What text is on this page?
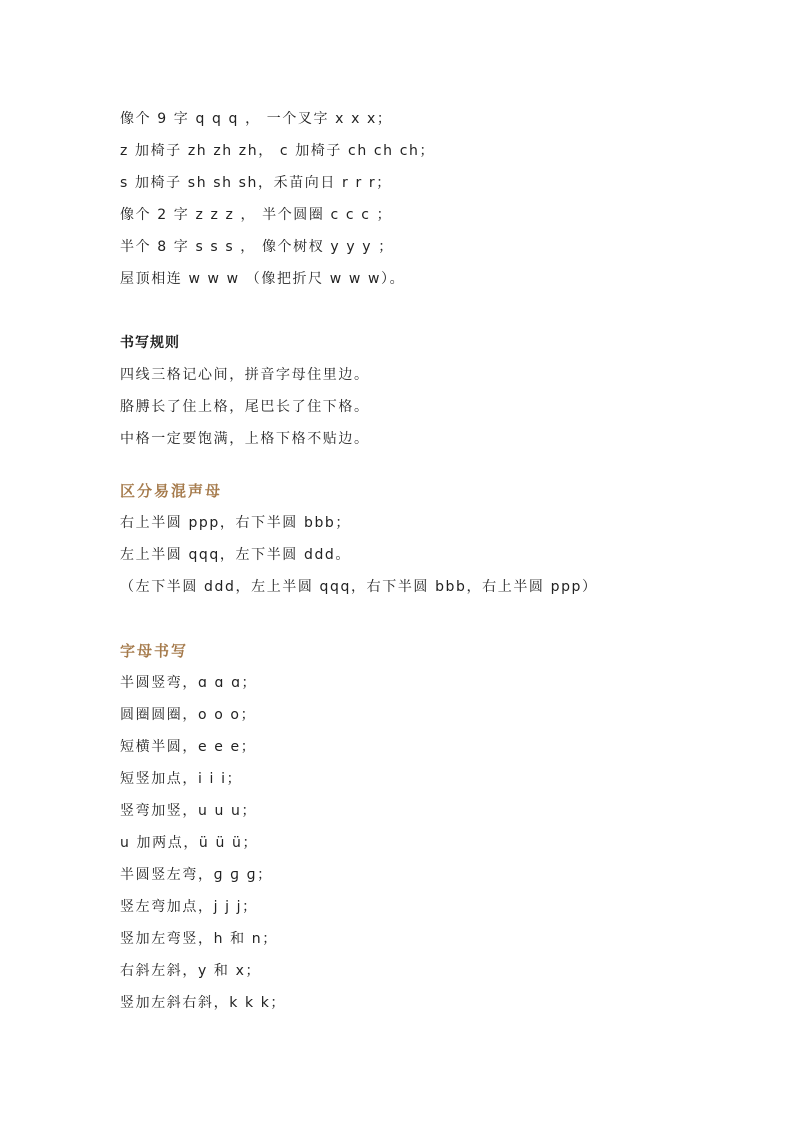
像个 9 字 q q q ， 一个叉字 x x x；
z 加椅子 zh zh zh， c 加椅子 ch ch ch；
s 加椅子 sh sh sh，禾苗向日 r r r；
像个 2 字 z z z ， 半个圆圈 c c c ；
半个 8 字 s s s ， 像个树杈 y y y ；
屋顶相连 w w w （像把折尺 w w w）。
书写规则
四线三格记心间，拼音字母住里边。
胳膊长了住上格，尾巴长了住下格。
中格一定要饱满，上格下格不贴边。
区分易混声母
右上半圆 ppp，右下半圆 bbb；
左上半圆 qqq，左下半圆 ddd。
（左下半圆 ddd，左上半圆 qqq，右下半圆 bbb，右上半圆 ppp）
字母书写
半圆竖弯，ɑ ɑ ɑ；
圆圈圆圈，o o o；
短横半圆，e e e；
短竖加点，i i i；
竖弯加竖，u u u；
u 加两点，ü ü ü；
半圆竖左弯，ɡ ɡ ɡ；
竖左弯加点，j j j；
竖加左弯竖，h 和 n；
右斜左斜，y 和 x；
竖加左斜右斜，k k k；
